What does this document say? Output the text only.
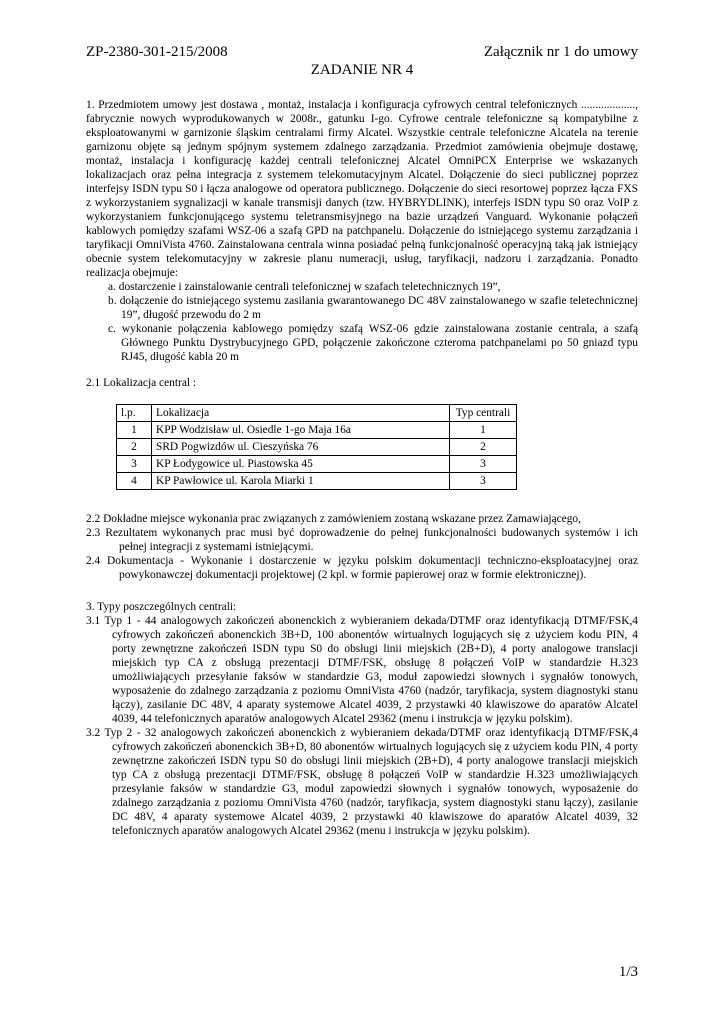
ZP-2380-301-215/2008	Załącznik nr 1 do umowy
ZADANIE NR 4

1. Przedmiotem umowy jest dostawa , montaż, instalacja i konfiguracja cyfrowych central telefonicznych ..................., fabrycznie nowych wyprodukowanych w 2008r., gatunku I-go. Cyfrowe centrale telefoniczne są kompatybilne z eksploatowanymi w garnizonie śląskim centralami firmy Alcatel. Wszystkie centrale telefoniczne Alcatela na terenie garnizonu objęte są jednym spójnym systemem zdalnego zarządzania. Przedmiot zamówienia obejmuje dostawę, montaż, instalacja i konfigurację każdej centrali telefonicznej Alcatel OmniPCX Enterprise we wskazanych lokalizacjach oraz pełna integracja z systemem telekomutacyjnym Alcatel. Dołączenie do sieci publicznej poprzez interfejsy ISDN typu S0 i łącza analogowe od operatora publicznego. Dołączenie do sieci resortowej poprzez łącza FXS z wykorzystaniem sygnalizacji w kanale transmisji danych (tzw. HYBRYDLINK), interfejs ISDN typu S0 oraz VoIP z wykorzystaniem funkcjonującego systemu teletransmisyjnego na bazie urządzeń Vanguard. Wykonanie połączeń kablowych pomiędzy szafami WSZ-06 a szafą GPD na patchpanelu. Dołączenie do istniejącego systemu zarządzania i taryfikacji OmniVista 4760. Zainstalowana centrala winna posiadać pełną funkcjonalność operacyjną taką jak istniejący obecnie system telekomutacyjny w zakresie planu numeracji, usług, taryfikacji, nadzoru i zarządzania. Ponadto realizacja obejmuje:

a. dostarczenie i zainstalowanie centrali telefonicznej w szafach teletechnicznych 19”,

b. dołączenie do istniejącego systemu zasilania gwarantowanego DC 48V zainstalowanego w szafie teletechnicznej 19”, długość przewodu do 2 m

c. wykonanie połączenia kablowego pomiędzy szafą WSZ-06 gdzie zainstalowana zostanie centrala, a szafą Głównego Punktu Dystrybucyjnego GPD, połączenie zakończone czteroma patchpanelami po 50 gniazd typu RJ45, długość kabla 20 m

2.1 Lokalizacja central :
l.p.	Lokalizacja	Typ centrali
1	KPP Wodzisław ul. Osiedle 1-go Maja 16a	1
2	SRD Pogwizdów ul. Cieszyńska 76	2
3	KP Łodygowice ul. Piastowska 45	3
4	KP Pawłowice ul. Karola Miarki 1	3

2.2 Dokładne miejsce wykonania prac związanych z zamówieniem zostaną wskazane przez Zamawiającego,

2.3 Rezultatem wykonanych prac musi być doprowadzenie do pełnej funkcjonalności budowanych systemów i ich pełnej integracji z systemami istniejącymi.

2.4 Dokumentacja - Wykonanie i dostarczenie w języku polskim dokumentacji techniczno-eksploatacyjnej oraz powykonawczej dokumentacji projektowej (2 kpl. w formie papierowej oraz w formie elektronicznej).

3. Typy poszczególnych centrali:

3.1 Typ 1 - 44 analogowych zakończeń abonenckich z wybieraniem dekada/DTMF oraz identyfikacją DTMF/FSK,4 cyfrowych zakończeń abonenckich 3B+D, 100 abonentów wirtualnych logujących się z użyciem kodu PIN, 4 porty zewnętrzne zakończeń ISDN typu S0 do obsługi linii miejskich (2B+D), 4 porty analogowe translacji miejskich typ CA z obsługą prezentacji DTMF/FSK, obsługę 8 połączeń VoIP w standardzie H.323 umożliwiających przesyłanie faksów w standardzie G3, moduł zapowiedzi słownych i sygnałów tonowych, wyposażenie do zdalnego zarządzania z poziomu OmniVista 4760 (nadzór, taryfikacja, system diagnostyki stanu łączy), zasilanie DC 48V, 4 aparaty systemowe Alcatel 4039, 2 przystawki 40 klawiszowe do aparatów Alcatel 4039, 44 telefonicznych aparatów analogowych Alcatel 29362 (menu i instrukcja w języku polskim).

3.2 Typ 2 - 32 analogowych zakończeń abonenckich z wybieraniem dekada/DTMF oraz identyfikacją DTMF/FSK,4 cyfrowych zakończeń abonenckich 3B+D, 80 abonentów wirtualnych logujących się z użyciem kodu PIN, 4 porty zewnętrzne zakończeń ISDN typu S0 do obsługi linii miejskich (2B+D), 4 porty analogowe translacji miejskich typ CA z obsługą prezentacji DTMF/FSK, obsługę 8 połączeń VoIP w standardzie H.323 umożliwiających przesyłanie faksów w standardzie G3, moduł zapowiedzi słownych i sygnałów tonowych, wyposażenie do zdalnego zarządzania z poziomu OmniVista 4760 (nadzór, taryfikacja, system diagnostyki stanu łączy), zasilanie DC 48V, 4 aparaty systemowe Alcatel 4039, 2 przystawki 40 klawiszowe do aparatów Alcatel 4039, 32 telefonicznych aparatów analogowych Alcatel 29362 (menu i instrukcja w języku polskim).

1/3
